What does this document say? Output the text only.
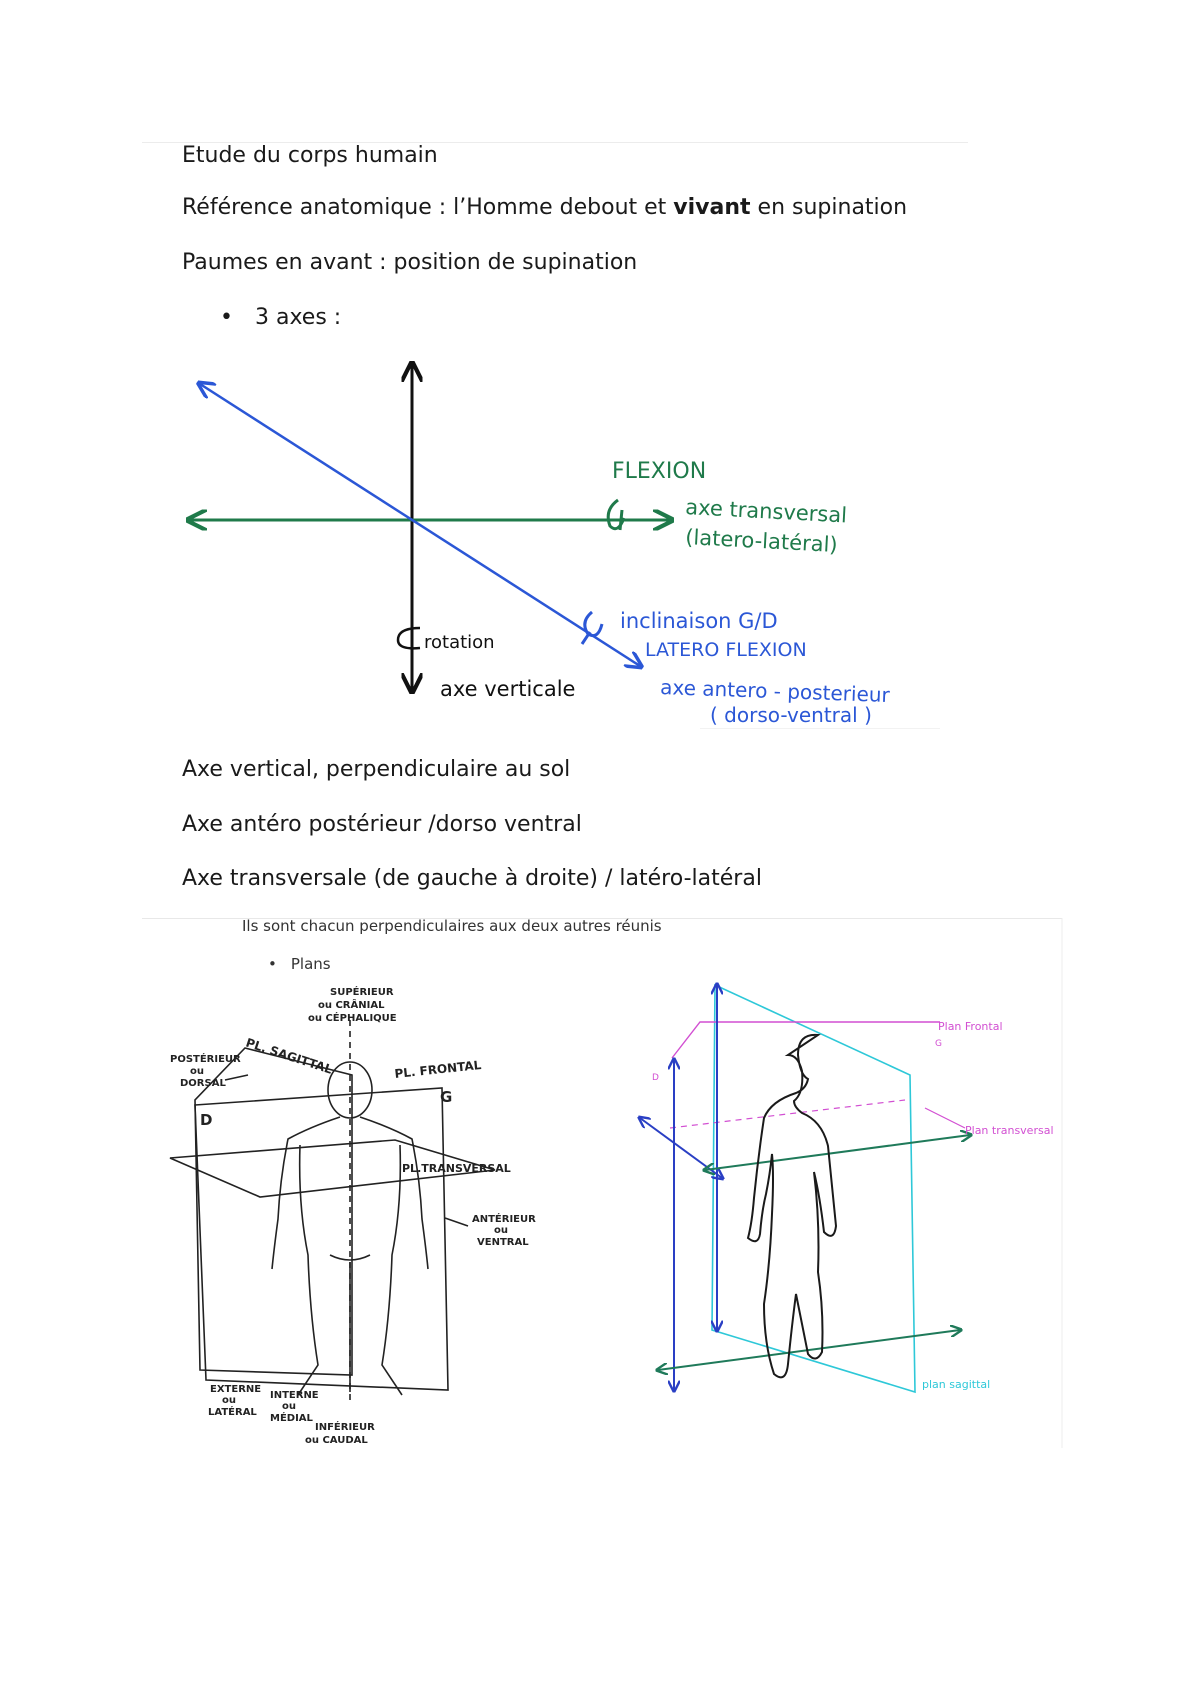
Etude du corps humain
Référence anatomique : l’Homme debout et vivant en supination
Paumes en avant : position de supination
• 3 axes :
FLEXION
axe transversal
(latero-latéral)
inclinaison G/D
LATERO FLEXION
rotation
axe verticale	axe antero - posterieur
( dorso-ventral )
Axe vertical, perpendiculaire au sol
Axe antéro postérieur /dorso ventral
Axe transversale (de gauche à droite) / latéro-latéral
Ils sont chacun perpendiculaires aux deux autres réunis
• Plans
SUPÉRIEUR
ou CRÂNIAL
ou CÉPHALIQUE
POSTÉRIEUR
ou
DORSAL
PL. SAGITTAL	PL. FRONTAL
D
G
PL.TRANSVERSAL
ANTÉRIEUR
ou
VENTRAL
EXTERNE
ou
LATÉRAL
INTERNE
ou
MÉDIAL
INFÉRIEUR
ou CAUDAL
Plan Frontal
G
D
Plan transversal
plan sagittal
